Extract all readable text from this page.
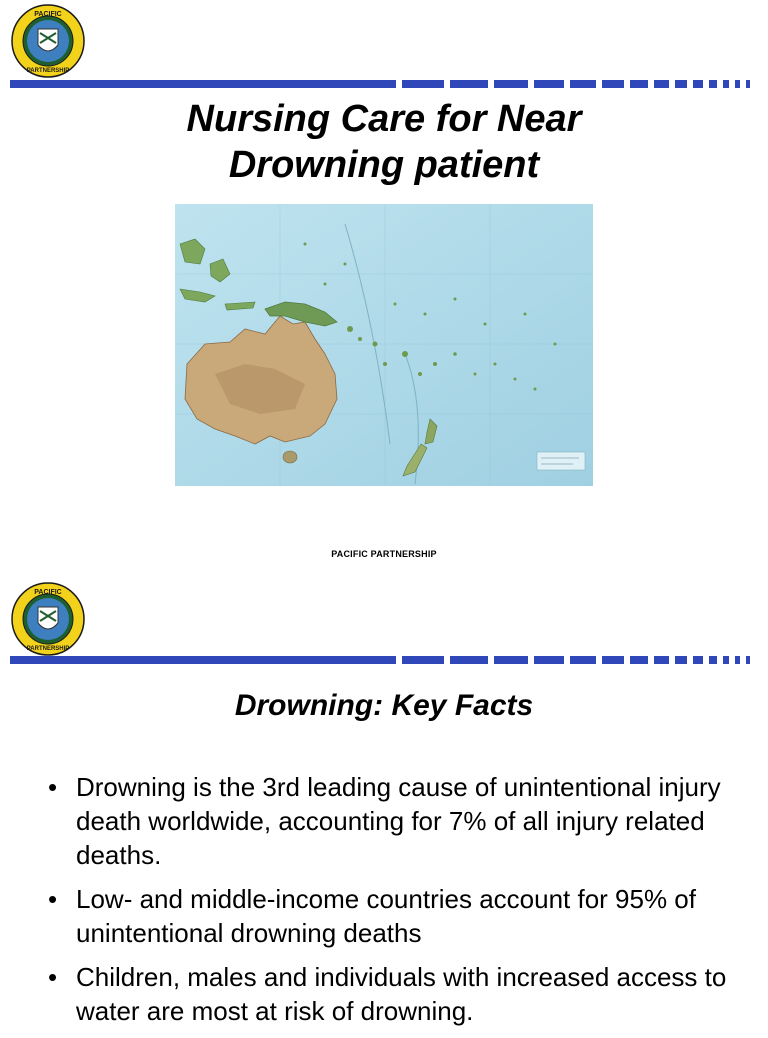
PACIFIC
PARTNERSHIP
Nursing Care for Near
Drowning patient
PACIFIC PARTNERSHIP
PACIFIC
PARTNERSHIP
Drowning: Key Facts
• Drowning is the 3rd leading cause of unintentional injury death worldwide, accounting for 7% of all injury related deaths.
• Low- and middle-income countries account for 95% of unintentional drowning deaths
• Children, males and individuals with increased access to water are most at risk of drowning.
